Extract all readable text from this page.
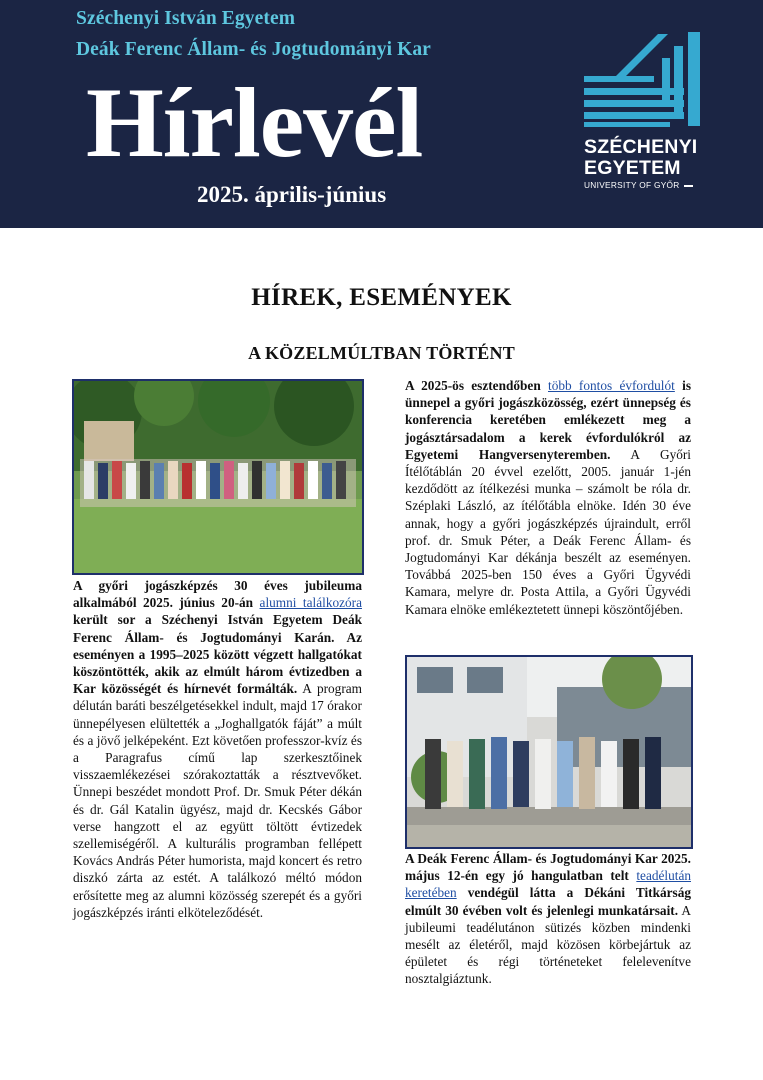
Széchenyi István Egyetem
Deák Ferenc Állam- és Jogtudományi Kar
Hírlevél
2025. április-június
SZÉCHENYI
EGYETEM
UNIVERSITY OF GYŐR
HÍREK, ESEMÉNYEK
A KÖZELMÚLTBAN TÖRTÉNT
A győri jogászképzés 30 éves jubileuma alkalmából 2025. június 20-án alumni találkozóra került sor a Széchenyi István Egyetem Deák Ferenc Állam- és Jogtudományi Karán. Az eseményen a 1995–2025 között végzett hallgatókat köszöntötték, akik az elmúlt három évtizedben a Kar közösségét és hírnevét formálták. A program délután baráti beszélgetésekkel indult, majd 17 órakor ünnepélyesen elültették a „Joghallgatók fáját” a múlt és a jövő jelképeként. Ezt követően professzor-kvíz és a Paragrafus című lap szerkesztőinek visszaemlékezései szórakoztatták a résztvevőket. Ünnepi beszédet mondott Prof. Dr. Smuk Péter dékán és dr. Gál Katalin ügyész, majd dr. Kecskés Gábor verse hangzott el az együtt töltött évtizedek szellemiségéről. A kulturális programban fellépett Kovács András Péter humorista, majd koncert és retro diszkó zárta az estét. A találkozó méltó módon erősítette meg az alumni közösség szerepét és a győri jogászképzés iránti elköteleződését.
A 2025-ös esztendőben több fontos évfordulót is ünnepel a győri jogászközösség, ezért ünnepség és konferencia keretében emlékezett meg a jogásztársadalom a kerek évfordulókról az Egyetemi Hangversenyteremben. A Győri Ítélőtáblán 20 évvel ezelőtt, 2005. január 1-jén kezdődött az ítélkezési munka – számolt be róla dr. Széplaki László, az ítélőtábla elnöke. Idén 30 éve annak, hogy a győri jogászképzés újraindult, erről prof. dr. Smuk Péter, a Deák Ferenc Állam- és Jogtudományi Kar dékánja beszélt az eseményen. Továbbá 2025-ben 150 éves a Győri Ügyvédi Kamara, melyre dr. Posta Attila, a Győri Ügyvédi Kamara elnöke emlékeztetett ünnepi köszöntőjében.
A Deák Ferenc Állam- és Jogtudományi Kar 2025. május 12-én egy jó hangulatban telt teadélután keretében vendégül látta a Dékáni Titkárság elmúlt 30 évében volt és jelenlegi munkatársait. A jubileumi teadélutánon sütizés közben mindenki mesélt az életéről, majd közösen körbejártuk az épületet és régi történeteket felelevenítve nosztalgiáztunk.
